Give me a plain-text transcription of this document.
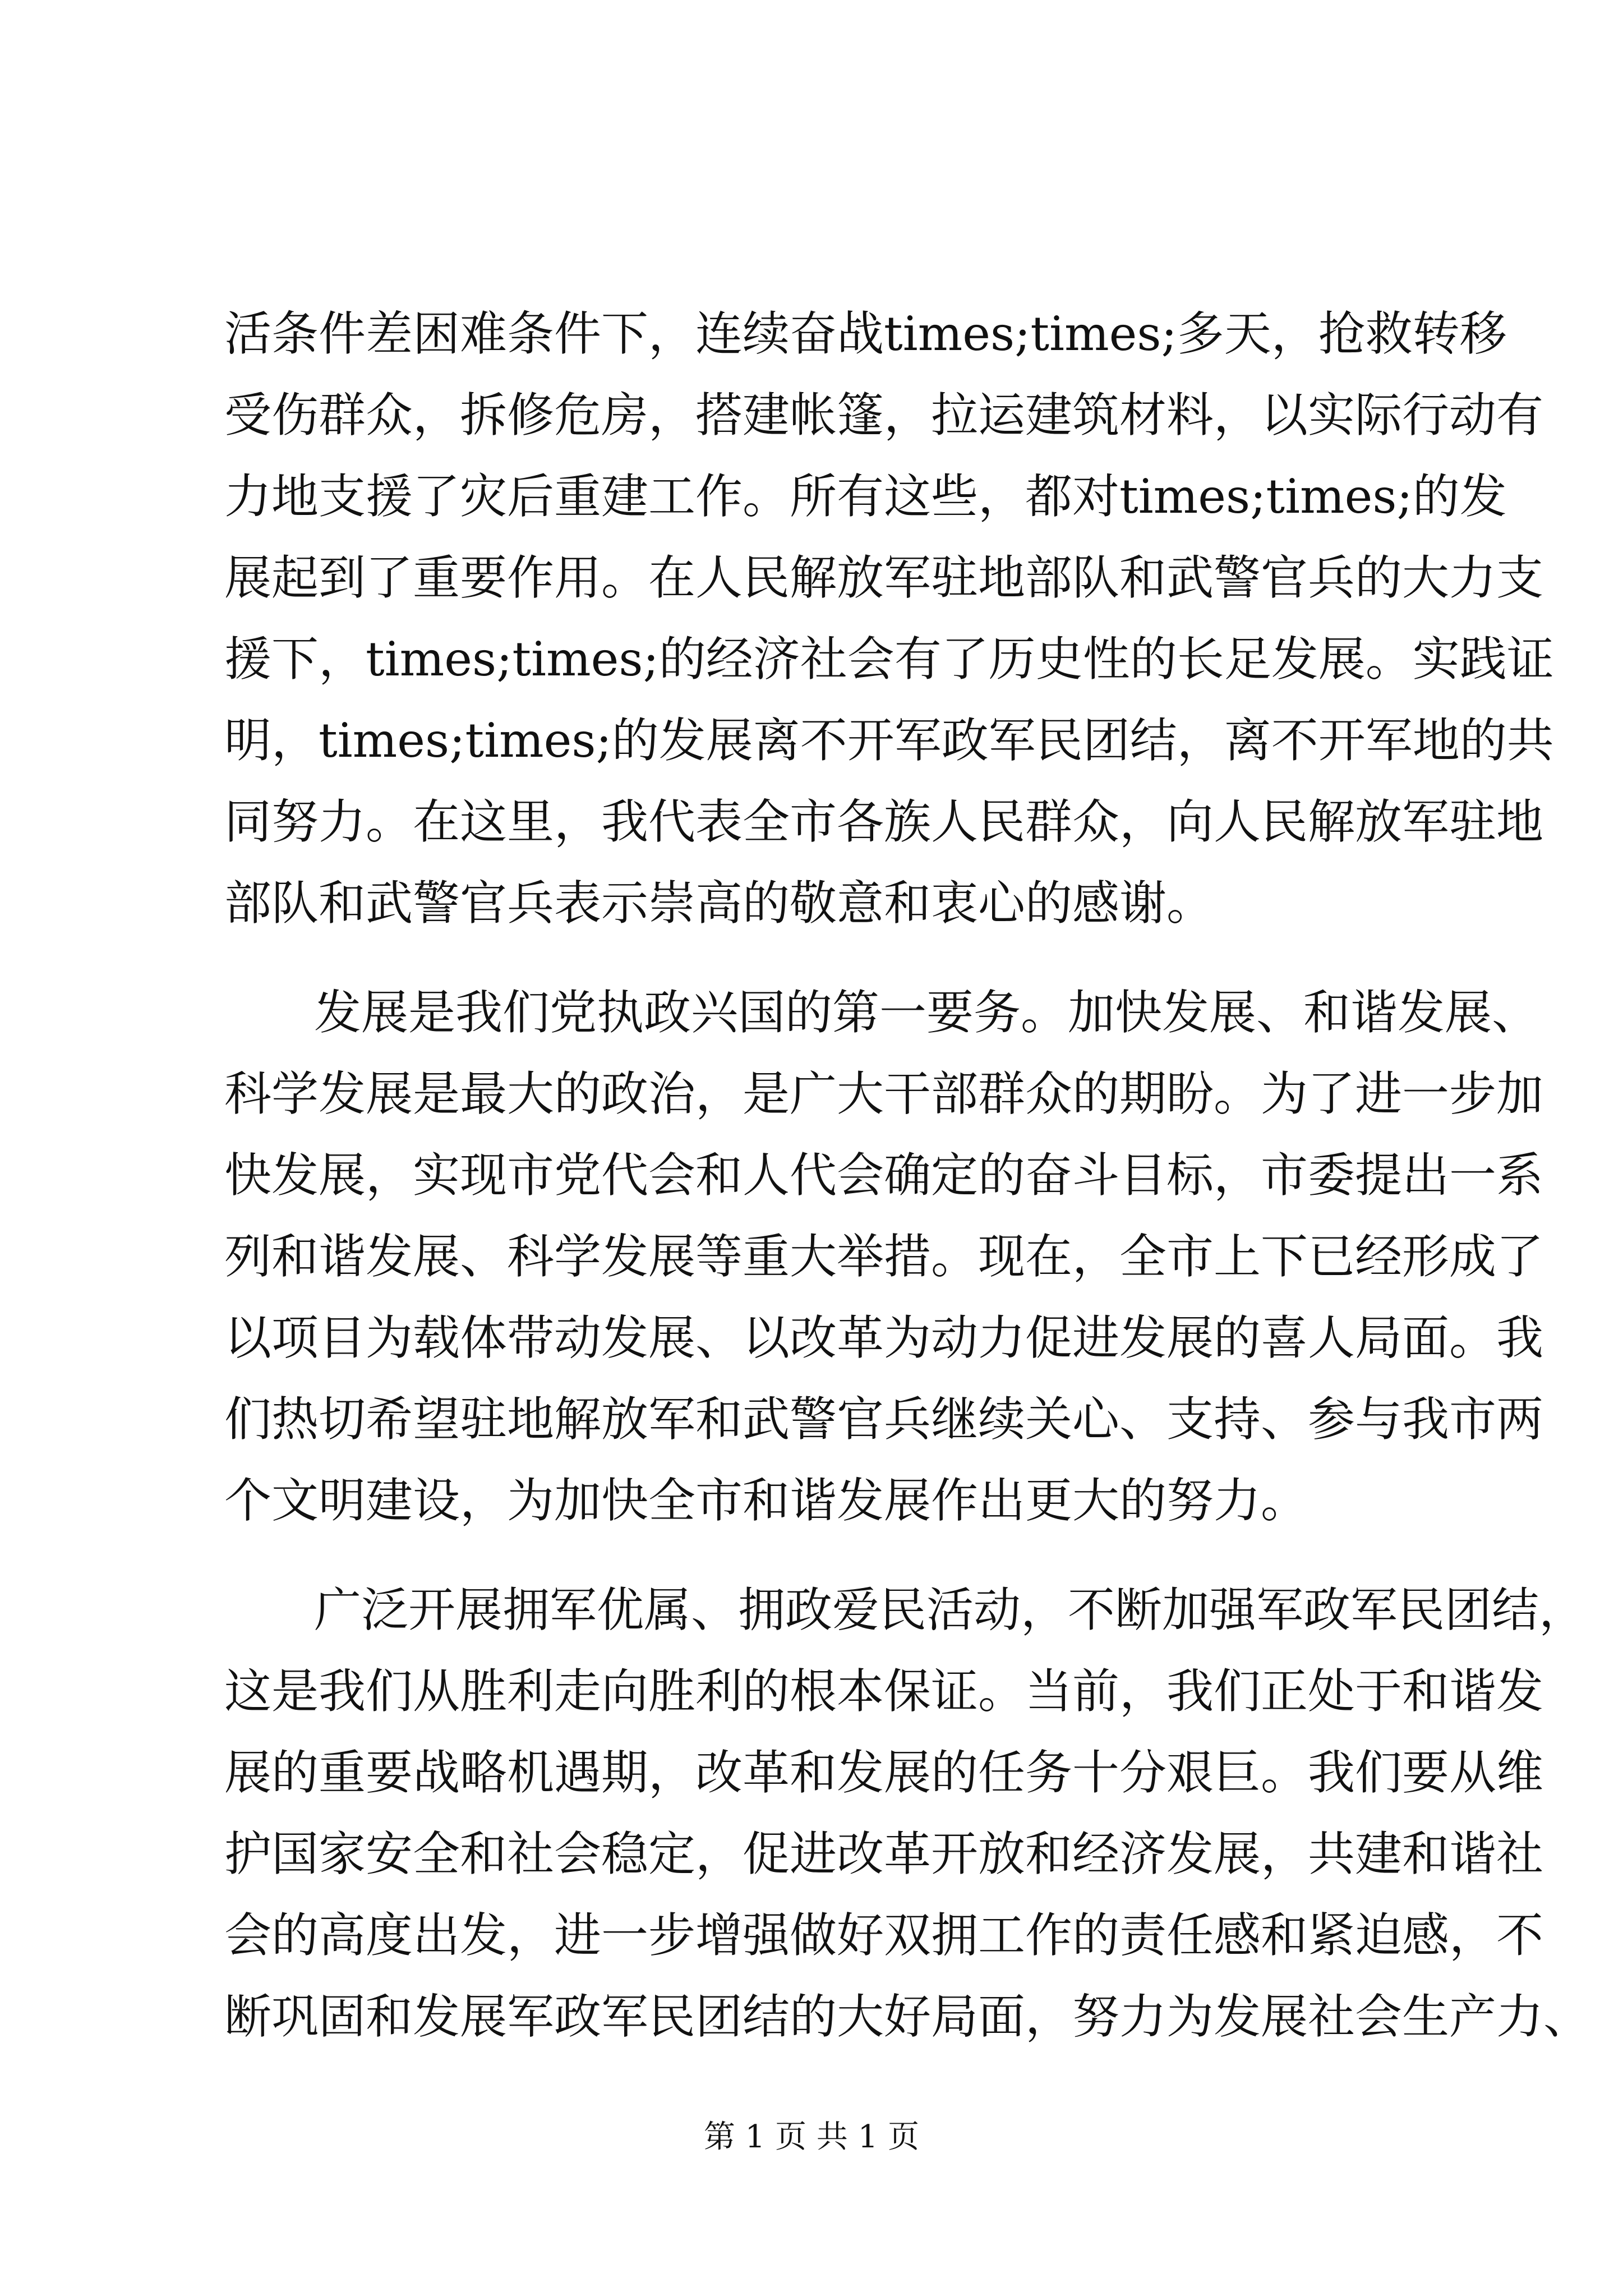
活条件差困难条件下，连续奋战times;times;多天，抢救转移
受伤群众，拆修危房，搭建帐篷，拉运建筑材料，以实际行动有
力地支援了灾后重建工作。所有这些，都对times;times;的发
展起到了重要作用。在人民解放军驻地部队和武警官兵的大力支
援下，times;times;的经济社会有了历史性的长足发展。实践证
明，times;times;的发展离不开军政军民团结，离不开军地的共
同努力。在这里，我代表全市各族人民群众，向人民解放军驻地
部队和武警官兵表示崇高的敬意和衷心的感谢。
发展是我们党执政兴国的第一要务。加快发展、和谐发展、
科学发展是最大的政治，是广大干部群众的期盼。为了进一步加
快发展，实现市党代会和人代会确定的奋斗目标，市委提出一系
列和谐发展、科学发展等重大举措。现在，全市上下已经形成了
以项目为载体带动发展、以改革为动力促进发展的喜人局面。我
们热切希望驻地解放军和武警官兵继续关心、支持、参与我市两
个文明建设，为加快全市和谐发展作出更大的努力。
广泛开展拥军优属、拥政爱民活动，不断加强军政军民团结，
这是我们从胜利走向胜利的根本保证。当前，我们正处于和谐发
展的重要战略机遇期，改革和发展的任务十分艰巨。我们要从维
护国家安全和社会稳定，促进改革开放和经济发展，共建和谐社
会的高度出发，进一步增强做好双拥工作的责任感和紧迫感，不
断巩固和发展军政军民团结的大好局面，努力为发展社会生产力、
第 1 页 共 1 页
